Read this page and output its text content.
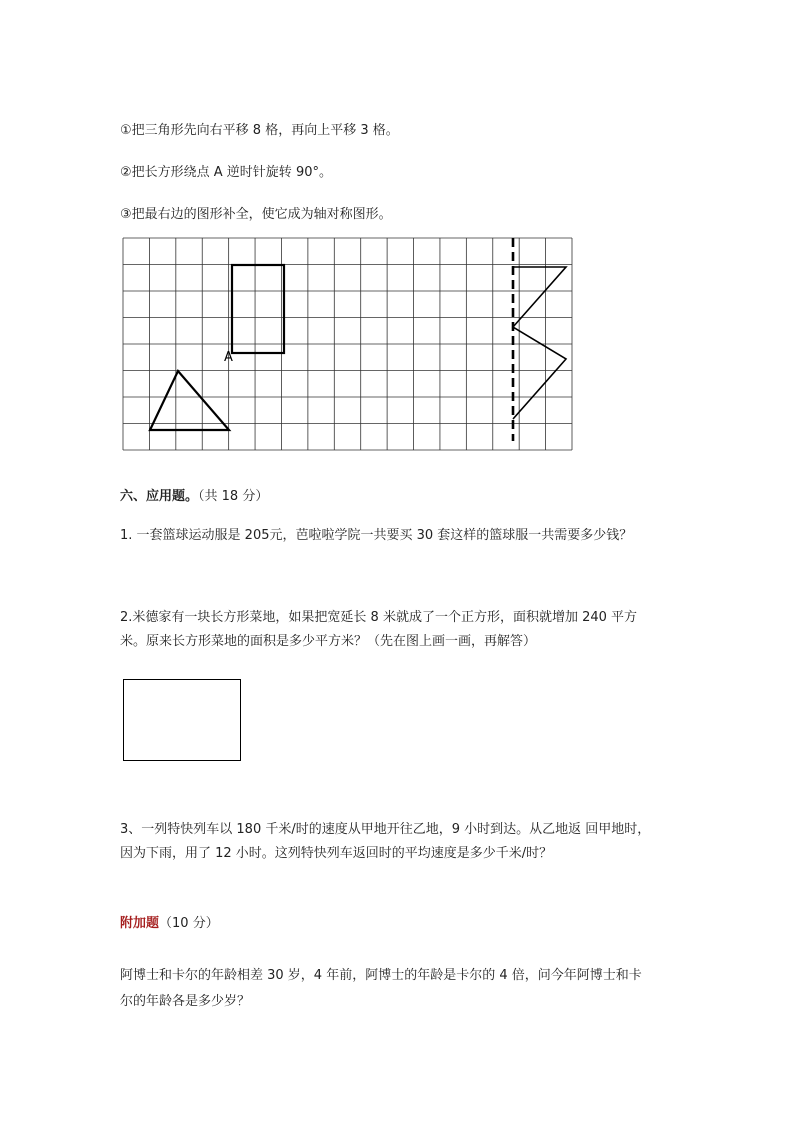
①把三角形先向右平移 8 格，再向上平移 3 格。
②把长方形绕点 A 逆时针旋转 90°。
③把最右边的图形补全，使它成为轴对称图形。
A
六、应用题。（共 18 分）
1. 一套篮球运动服是 205元，芭啦啦学院一共要买 30 套这样的篮球服一共需要多少钱？
2.米德家有一块长方形菜地，如果把宽延长 8 米就成了一个正方形，面积就增加 240 平方
米。原来长方形菜地的面积是多少平方米？（先在图上画一画，再解答）
3、一列特快列车以 180 千米/时的速度从甲地开往乙地，9 小时到达。从乙地返 回甲地时，
因为下雨，用了 12 小时。这列特快列车返回时的平均速度是多少千米/时？
附加题（10 分）
阿博士和卡尔的年龄相差 30 岁，4 年前，阿博士的年龄是卡尔的 4 倍，问今年阿博士和卡
尔的年龄各是多少岁？
